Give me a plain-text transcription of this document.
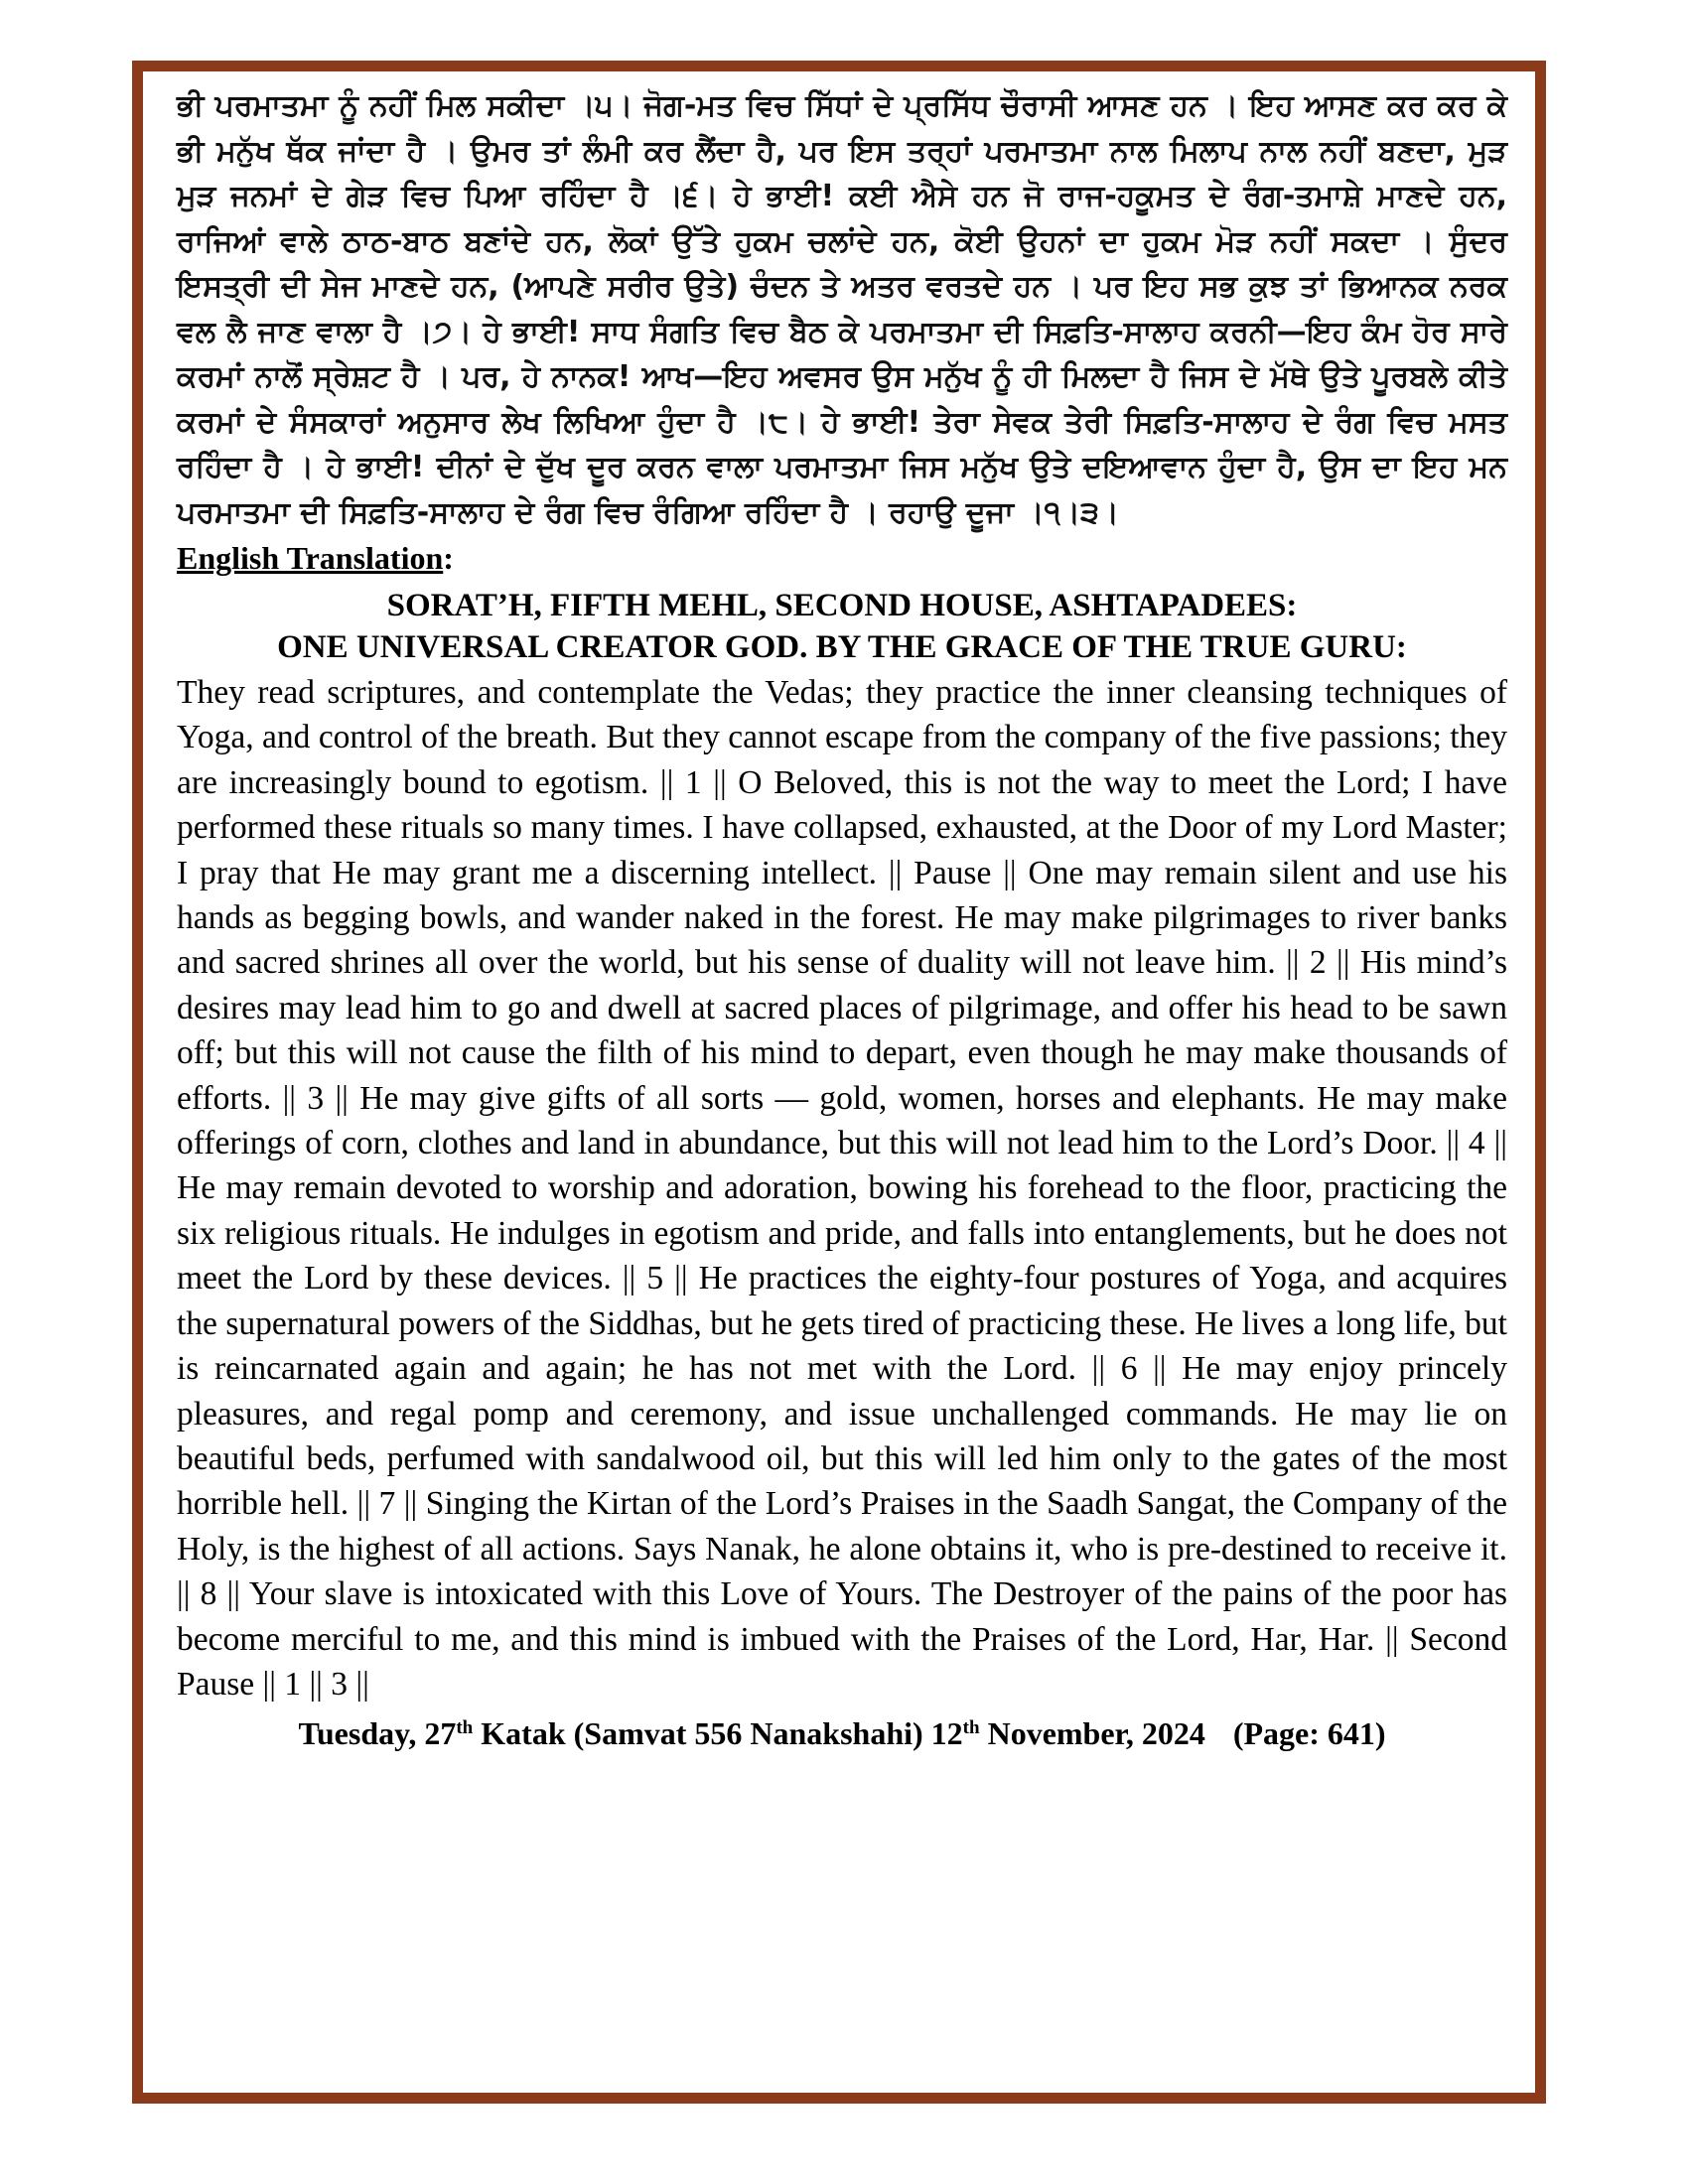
ਭੀ ਪਰਮਾਤਮਾ ਨੂੰ ਨਹੀਂ ਮਿਲ ਸਕੀਦਾ ।੫। ਜੋਗ-ਮਤ ਵਿਚ ਸਿੱਧਾਂ ਦੇ ਪ੍ਰਸਿੱਧ ਚੌਰਾਸੀ ਆਸਣ ਹਨ । ਇਹ ਆਸਣ ਕਰ ਕਰ ਕੇ ਭੀ ਮਨੁੱਖ ਥੱਕ ਜਾਂਦਾ ਹੈ । ਉਮਰ ਤਾਂ ਲੰਮੀ ਕਰ ਲੈਂਦਾ ਹੈ, ਪਰ ਇਸ ਤਰ੍ਹਾਂ ਪਰਮਾਤਮਾ ਨਾਲ ਮਿਲਾਪ ਨਾਲ ਨਹੀਂ ਬਣਦਾ, ਮੁੜ ਮੁੜ ਜਨਮਾਂ ਦੇ ਗੇੜ ਵਿਚ ਪਿਆ ਰਹਿੰਦਾ ਹੈ ।੬। ਹੇ ਭਾਈ! ਕਈ ਐਸੇ ਹਨ ਜੋ ਰਾਜ-ਹਕੂਮਤ ਦੇ ਰੰਗ-ਤਮਾਸ਼ੇ ਮਾਣਦੇ ਹਨ, ਰਾਜਿਆਂ ਵਾਲੇ ਠਾਠ-ਬਾਠ ਬਣਾਂਦੇ ਹਨ, ਲੋਕਾਂ ਉੱਤੇ ਹੁਕਮ ਚਲਾਂਦੇ ਹਨ, ਕੋਈ ਉਹਨਾਂ ਦਾ ਹੁਕਮ ਮੋੜ ਨਹੀਂ ਸਕਦਾ । ਸੁੰਦਰ ਇਸਤ੍ਰੀ ਦੀ ਸੇਜ ਮਾਣਦੇ ਹਨ, (ਆਪਣੇ ਸਰੀਰ ਉਤੇ) ਚੰਦਨ ਤੇ ਅਤਰ ਵਰਤਦੇ ਹਨ । ਪਰ ਇਹ ਸਭ ਕੁਝ ਤਾਂ ਭਿਆਨਕ ਨਰਕ ਵਲ ਲੈ ਜਾਣ ਵਾਲਾ ਹੈ ।੭। ਹੇ ਭਾਈ! ਸਾਧ ਸੰਗਤਿ ਵਿਚ ਬੈਠ ਕੇ ਪਰਮਾਤਮਾ ਦੀ ਸਿਫ਼ਤਿ-ਸਾਲਾਹ ਕਰਨੀ—ਇਹ ਕੰਮ ਹੋਰ ਸਾਰੇ ਕਰਮਾਂ ਨਾਲੋਂ ਸ੍ਰੇਸ਼ਟ ਹੈ । ਪਰ, ਹੇ ਨਾਨਕ! ਆਖ—ਇਹ ਅਵਸਰ ਉਸ ਮਨੁੱਖ ਨੂੰ ਹੀ ਮਿਲਦਾ ਹੈ ਜਿਸ ਦੇ ਮੱਥੇ ਉਤੇ ਪੂਰਬਲੇ ਕੀਤੇ ਕਰਮਾਂ ਦੇ ਸੰਸਕਾਰਾਂ ਅਨੁਸਾਰ ਲੇਖ ਲਿਖਿਆ ਹੁੰਦਾ ਹੈ ।੮। ਹੇ ਭਾਈ! ਤੇਰਾ ਸੇਵਕ ਤੇਰੀ ਸਿਫ਼ਤਿ-ਸਾਲਾਹ ਦੇ ਰੰਗ ਵਿਚ ਮਸਤ ਰਹਿੰਦਾ ਹੈ । ਹੇ ਭਾਈ! ਦੀਨਾਂ ਦੇ ਦੁੱਖ ਦੂਰ ਕਰਨ ਵਾਲਾ ਪਰਮਾਤਮਾ ਜਿਸ ਮਨੁੱਖ ਉਤੇ ਦਇਆਵਾਨ ਹੁੰਦਾ ਹੈ, ਉਸ ਦਾ ਇਹ ਮਨ ਪਰਮਾਤਮਾ ਦੀ ਸਿਫ਼ਤਿ-ਸਾਲਾਹ ਦੇ ਰੰਗ ਵਿਚ ਰੰਗਿਆ ਰਹਿੰਦਾ ਹੈ । ਰਹਾਉ ਦੂਜਾ ।੧।੩।

English Translation:

SORAT’H, FIFTH MEHL, SECOND HOUSE, ASHTAPADEES:
ONE UNIVERSAL CREATOR GOD. BY THE GRACE OF THE TRUE GURU:

They read scriptures, and contemplate the Vedas; they practice the inner cleansing techniques of Yoga, and control of the breath. But they cannot escape from the company of the five passions; they are increasingly bound to egotism. || 1 || O Beloved, this is not the way to meet the Lord; I have performed these rituals so many times. I have collapsed, exhausted, at the Door of my Lord Master; I pray that He may grant me a discerning intellect. || Pause || One may remain silent and use his hands as begging bowls, and wander naked in the forest. He may make pilgrimages to river banks and sacred shrines all over the world, but his sense of duality will not leave him. || 2 || His mind’s desires may lead him to go and dwell at sacred places of pilgrimage, and offer his head to be sawn off; but this will not cause the filth of his mind to depart, even though he may make thousands of efforts. || 3 || He may give gifts of all sorts — gold, women, horses and elephants. He may make offerings of corn, clothes and land in abundance, but this will not lead him to the Lord’s Door. || 4 || He may remain devoted to worship and adoration, bowing his forehead to the floor, practicing the six religious rituals. He indulges in egotism and pride, and falls into entanglements, but he does not meet the Lord by these devices. || 5 || He practices the eighty-four postures of Yoga, and acquires the supernatural powers of the Siddhas, but he gets tired of practicing these. He lives a long life, but is reincarnated again and again; he has not met with the Lord. || 6 || He may enjoy princely pleasures, and regal pomp and ceremony, and issue unchallenged commands. He may lie on beautiful beds, perfumed with sandalwood oil, but this will led him only to the gates of the most horrible hell. || 7 || Singing the Kirtan of the Lord’s Praises in the Saadh Sangat, the Company of the Holy, is the highest of all actions. Says Nanak, he alone obtains it, who is pre-destined to receive it. || 8 || Your slave is intoxicated with this Love of Yours. The Destroyer of the pains of the poor has become merciful to me, and this mind is imbued with the Praises of the Lord, Har, Har. || Second Pause || 1 || 3 ||

Tuesday, 27th Katak (Samvat 556 Nanakshahi) 12th November, 2024 (Page: 641)
